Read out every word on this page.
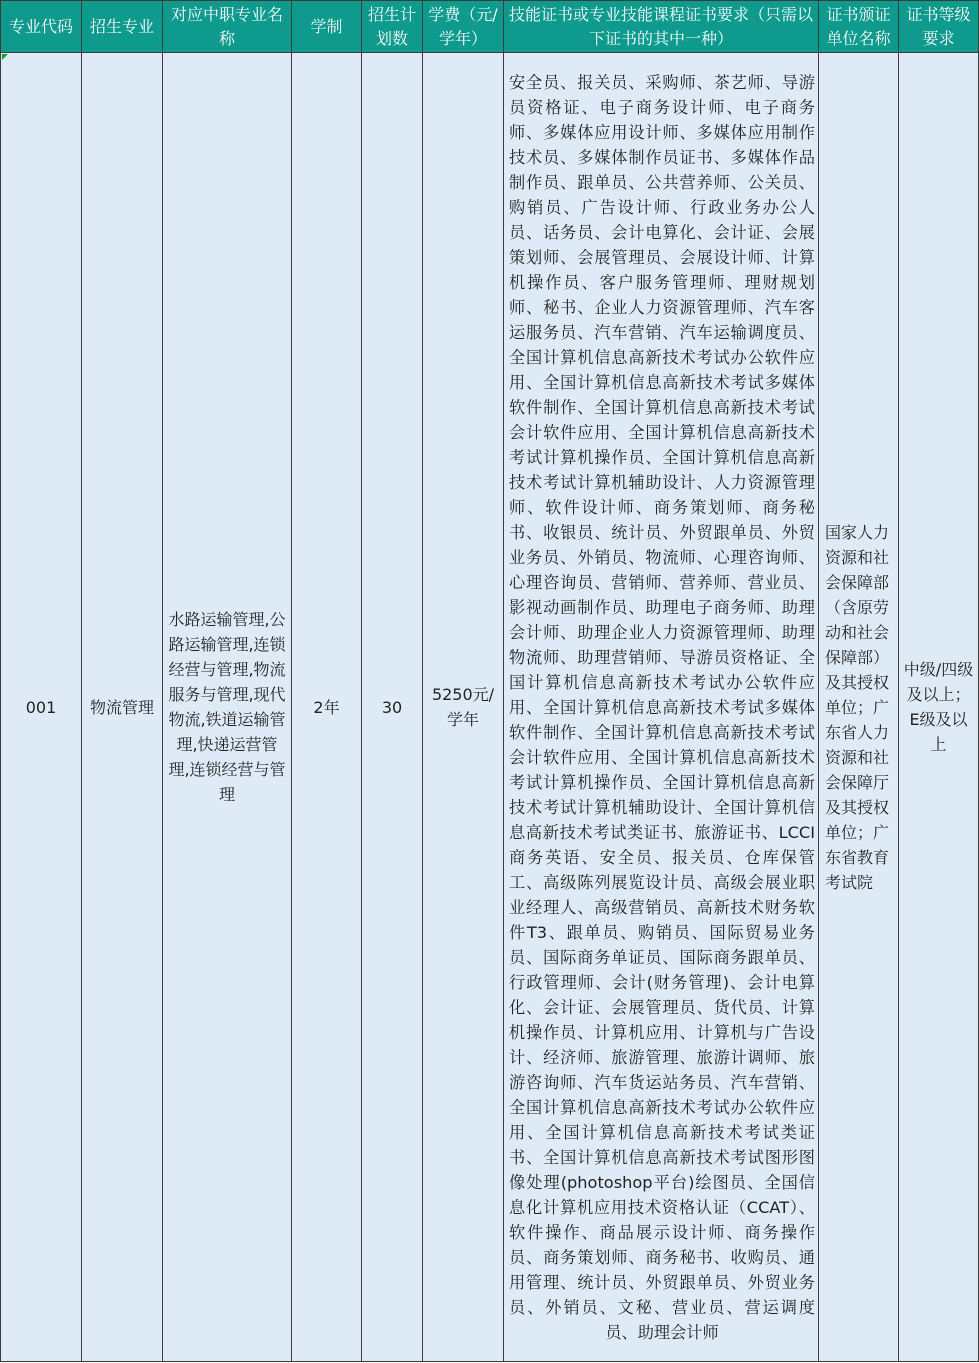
专业代码	招生专业	对应中职专业名称	学制	招生计划数	学费（元/学年）	技能证书或专业技能课程证书要求（只需以下证书的其中一种）	证书颁证单位名称	证书等级要求

001	物流管理	水路运输管理,公路运输管理,连锁经营与管理,物流服务与管理,现代物流,铁道运输管理,快递运营管理,连锁经营与管理	2年	30	5250元/学年	安全员、报关员、采购师、茶艺师、导游员资格证、电子商务设计师、电子商务师、多媒体应用设计师、多媒体应用制作技术员、多媒体制作员证书、多媒体作品制作员、跟单员、公共营养师、公关员、购销员、广告设计师、行政业务办公人员、话务员、会计电算化、会计证、会展策划师、会展管理员、会展设计师、计算机操作员、客户服务管理师、理财规划师、秘书、企业人力资源管理师、汽车客运服务员、汽车营销、汽车运输调度员、全国计算机信息高新技术考试办公软件应用、全国计算机信息高新技术考试多媒体软件制作、全国计算机信息高新技术考试会计软件应用、全国计算机信息高新技术考试计算机操作员、全国计算机信息高新技术考试计算机辅助设计、人力资源管理师、软件设计师、商务策划师、商务秘书、收银员、统计员、外贸跟单员、外贸业务员、外销员、物流师、心理咨询师、心理咨询员、营销师、营养师、营业员、影视动画制作员、助理电子商务师、助理会计师、助理企业人力资源管理师、助理物流师、助理营销师、导游员资格证、全国计算机信息高新技术考试办公软件应用、全国计算机信息高新技术考试多媒体软件制作、全国计算机信息高新技术考试会计软件应用、全国计算机信息高新技术考试计算机操作员、全国计算机信息高新技术考试计算机辅助设计、全国计算机信息高新技术考试类证书、旅游证书、LCCI商务英语、安全员、报关员、仓库保管工、高级陈列展览设计员、高级会展业职业经理人、高级营销员、高新技术财务软件T3、跟单员、购销员、国际贸易业务员、国际商务单证员、国际商务跟单员、行政管理师、会计(财务管理)、会计电算化、会计证、会展管理员、货代员、计算机操作员、计算机应用、计算机与广告设计、经济师、旅游管理、旅游计调师、旅游咨询师、汽车货运站务员、汽车营销、全国计算机信息高新技术考试办公软件应用、全国计算机信息高新技术考试类证书、全国计算机信息高新技术考试图形图像处理(photoshop平台)绘图员、全国信息化计算机应用技术资格认证（CCAT）、软件操作、商品展示设计师、商务操作员、商务策划师、商务秘书、收购员、通用管理、统计员、外贸跟单员、外贸业务员、外销员、文秘、营业员、营运调度员、助理会计师	国家人力资源和社会保障部（含原劳动和社会保障部）及其授权单位；广东省人力资源和社会保障厅及其授权单位；广东省教育考试院	中级/四级及以上；E级及以上
